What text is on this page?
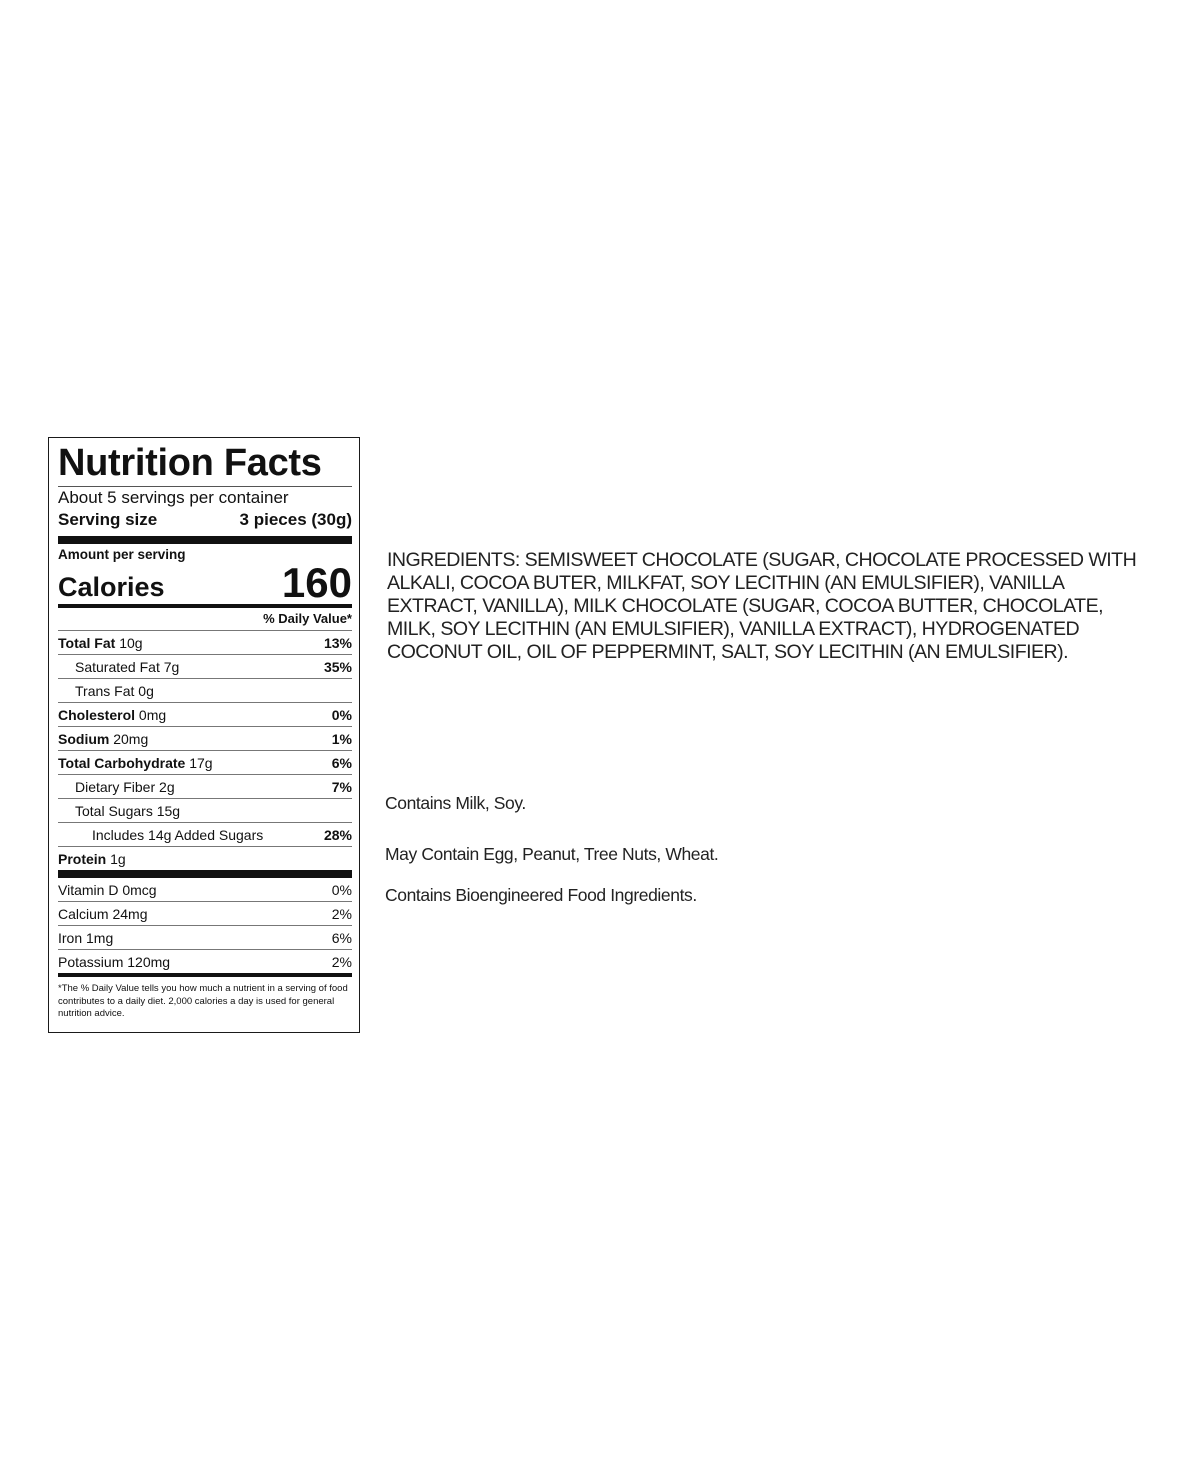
Nutrition Facts
About 5 servings per container
Serving size	3 pieces (30g)
Amount per serving
Calories	160
% Daily Value*
Total Fat 10g	13%
Saturated Fat 7g	35%
Trans Fat 0g
Cholesterol 0mg	0%
Sodium 20mg	1%
Total Carbohydrate 17g	6%
Dietary Fiber 2g	7%
Total Sugars 15g
Includes 14g Added Sugars	28%
Protein 1g
Vitamin D 0mcg	0%
Calcium 24mg	2%
Iron 1mg	6%
Potassium 120mg	2%
*The % Daily Value tells you how much a nutrient in a serving of food contributes to a daily diet. 2,000 calories a day is used for general nutrition advice.
INGREDIENTS: SEMISWEET CHOCOLATE (SUGAR, CHOCOLATE PROCESSED WITH ALKALI, COCOA BUTER, MILKFAT, SOY LECITHIN (AN EMULSIFIER), VANILLA EXTRACT, VANILLA), MILK CHOCOLATE (SUGAR, COCOA BUTTER, CHOCOLATE, MILK, SOY LECITHIN (AN EMULSIFIER), VANILLA EXTRACT), HYDROGENATED COCONUT OIL, OIL OF PEPPERMINT, SALT, SOY LECITHIN (AN EMULSIFIER).
Contains Milk, Soy.
May Contain Egg, Peanut, Tree Nuts, Wheat.
Contains Bioengineered Food Ingredients.
